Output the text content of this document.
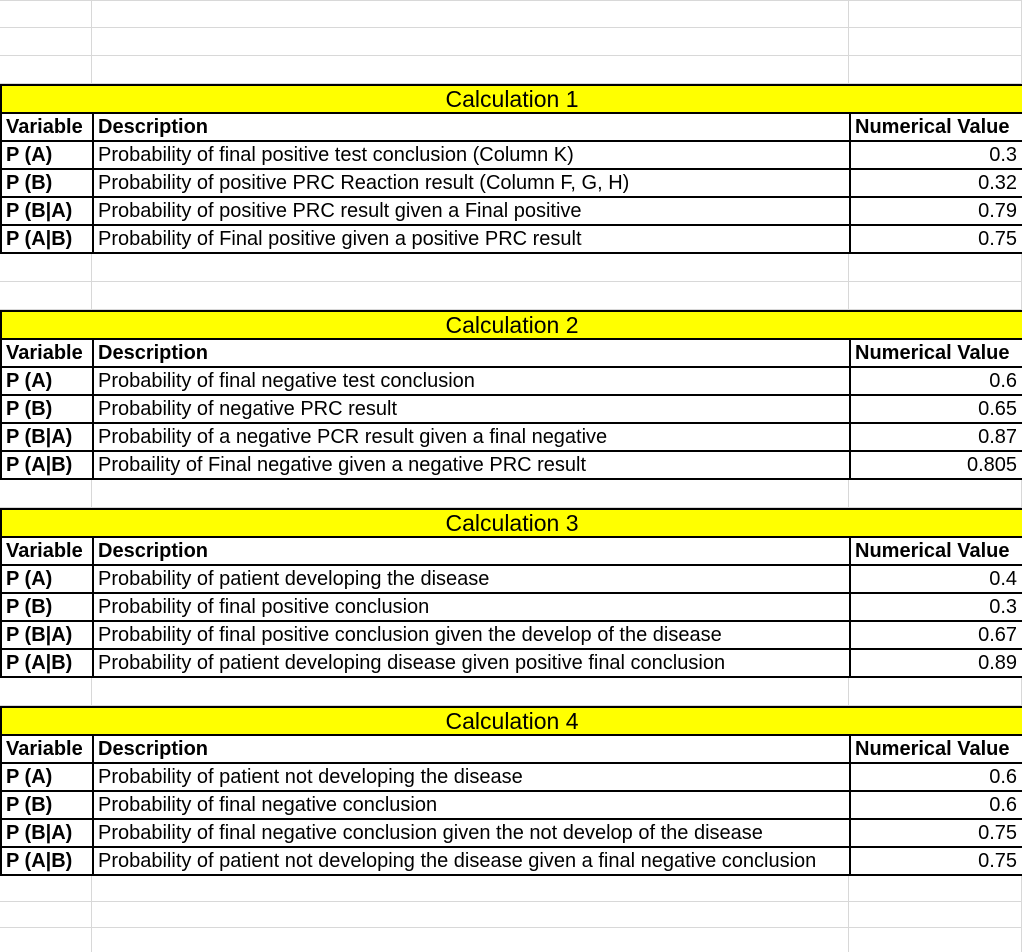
Calculation 1		
Variable	Description	Numerical Value
P (A)	Probability of final positive test conclusion (Column K)	0.3
P (B)	Probability of positive PRC Reaction result (Column F, G, H)	0.32
P (B|A)	Probability of positive PRC result given a Final positive	0.79
P (A|B)	Probability of Final positive given a positive PRC result	0.75
Calculation 2		
Variable	Description	Numerical Value
P (A)	Probability of final negative test conclusion	0.6
P (B)	Probability of negative PRC result	0.65
P (B|A)	Probability of a negative PCR result given a final negative	0.87
P (A|B)	Probaility of Final negative given a negative PRC result	0.805
Calculation 3		
Variable	Description	Numerical Value
P (A)	Probability of patient developing the disease	0.4
P (B)	Probability of final positive conclusion	0.3
P (B|A)	Probability of final positive conclusion given the develop of the disease	0.67
P (A|B)	Probability of patient developing disease given positive final conclusion	0.89
Calculation 4		
Variable	Description	Numerical Value
P (A)	Probability of patient not developing the disease	0.6
P (B)	Probability of final negative conclusion	0.6
P (B|A)	Probability of final negative conclusion given the not develop of the disease	0.75
P (A|B)	Probability of patient not developing the disease given a final negative conclusion	0.75
